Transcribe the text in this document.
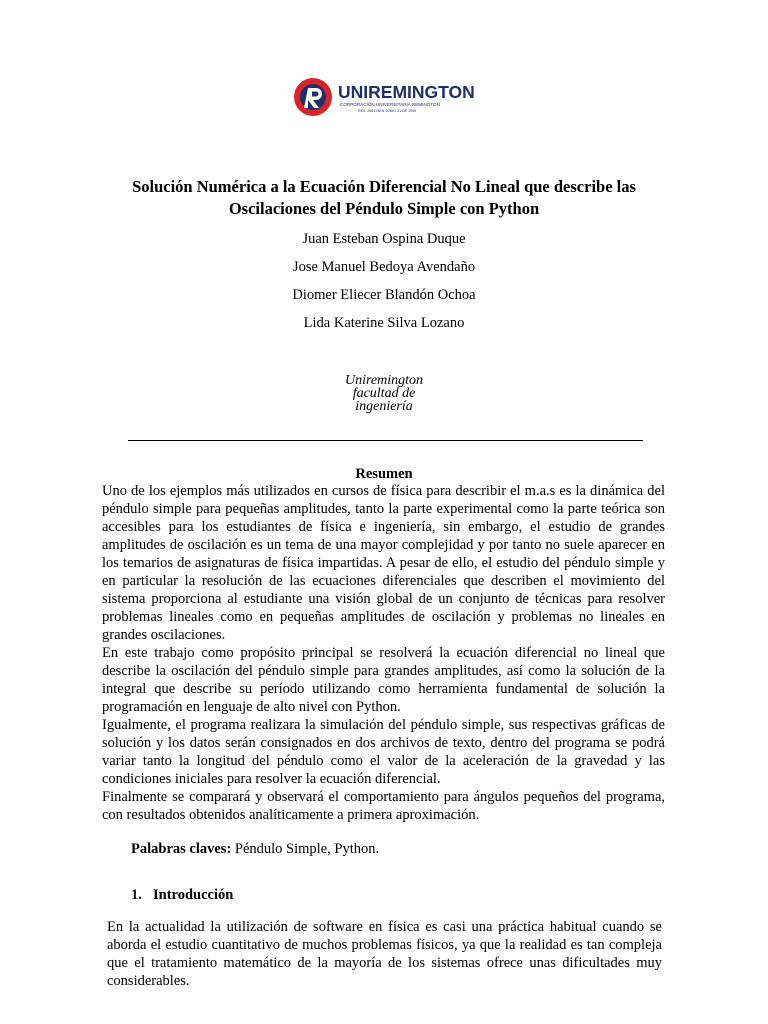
UNIREMINGTON
CORPORACIÓN UNIVERSITARIA REMINGTON
RES. 2661 MEN JUNIO 21 DE 1996
Solución Numérica a la Ecuación Diferencial No Lineal que describe las Oscilaciones del Péndulo Simple con Python
Juan Esteban Ospina Duque
Jose Manuel Bedoya Avendaño
Diomer Eliecer Blandón Ochoa
Lida Katerine Silva Lozano
Uniremington
facultad de
ingeniería
Resumen

Uno de los ejemplos más utilizados en cursos de física para describir el m.a.s es la dinámica del péndulo simple para pequeñas amplitudes, tanto la parte experimental como la parte teórica son accesibles para los estudiantes de física e ingeniería, sin embargo, el estudio de grandes amplitudes de oscilación es un tema de una mayor complejidad y por tanto no suele aparecer en los temarios de asignaturas de física impartidas. A pesar de ello, el estudio del péndulo simple y en particular la resolución de las ecuaciones diferenciales que describen el movimiento del sistema proporciona al estudiante una visión global de un conjunto de técnicas para resolver problemas lineales como en pequeñas amplitudes de oscilación y problemas no lineales en grandes oscilaciones.

En este trabajo como propósito principal se resolverá la ecuación diferencial no lineal que describe la oscilación del péndulo simple para grandes amplitudes, así como la solución de la integral que describe su período utilizando como herramienta fundamental de solución la programación en lenguaje de alto nivel con Python.

Igualmente, el programa realizara la simulación del péndulo simple, sus respectivas gráficas de solución y los datos serán consignados en dos archivos de texto, dentro del programa se podrá variar tanto la longitud del péndulo como el valor de la aceleración de la gravedad y las condiciones iniciales para resolver la ecuación diferencial.

Finalmente se comparará y observará el comportamiento para ángulos pequeños del programa, con resultados obtenidos analíticamente a primera aproximación.

Palabras claves: Péndulo Simple, Python.
1. Introducción

En la actualidad la utilización de software en física es casi una práctica habitual cuando se aborda el estudio cuantitativo de muchos problemas físicos, ya que la realidad es tan compleja que el tratamiento matemático de la mayoría de los sistemas ofrece unas dificultades muy considerables.
